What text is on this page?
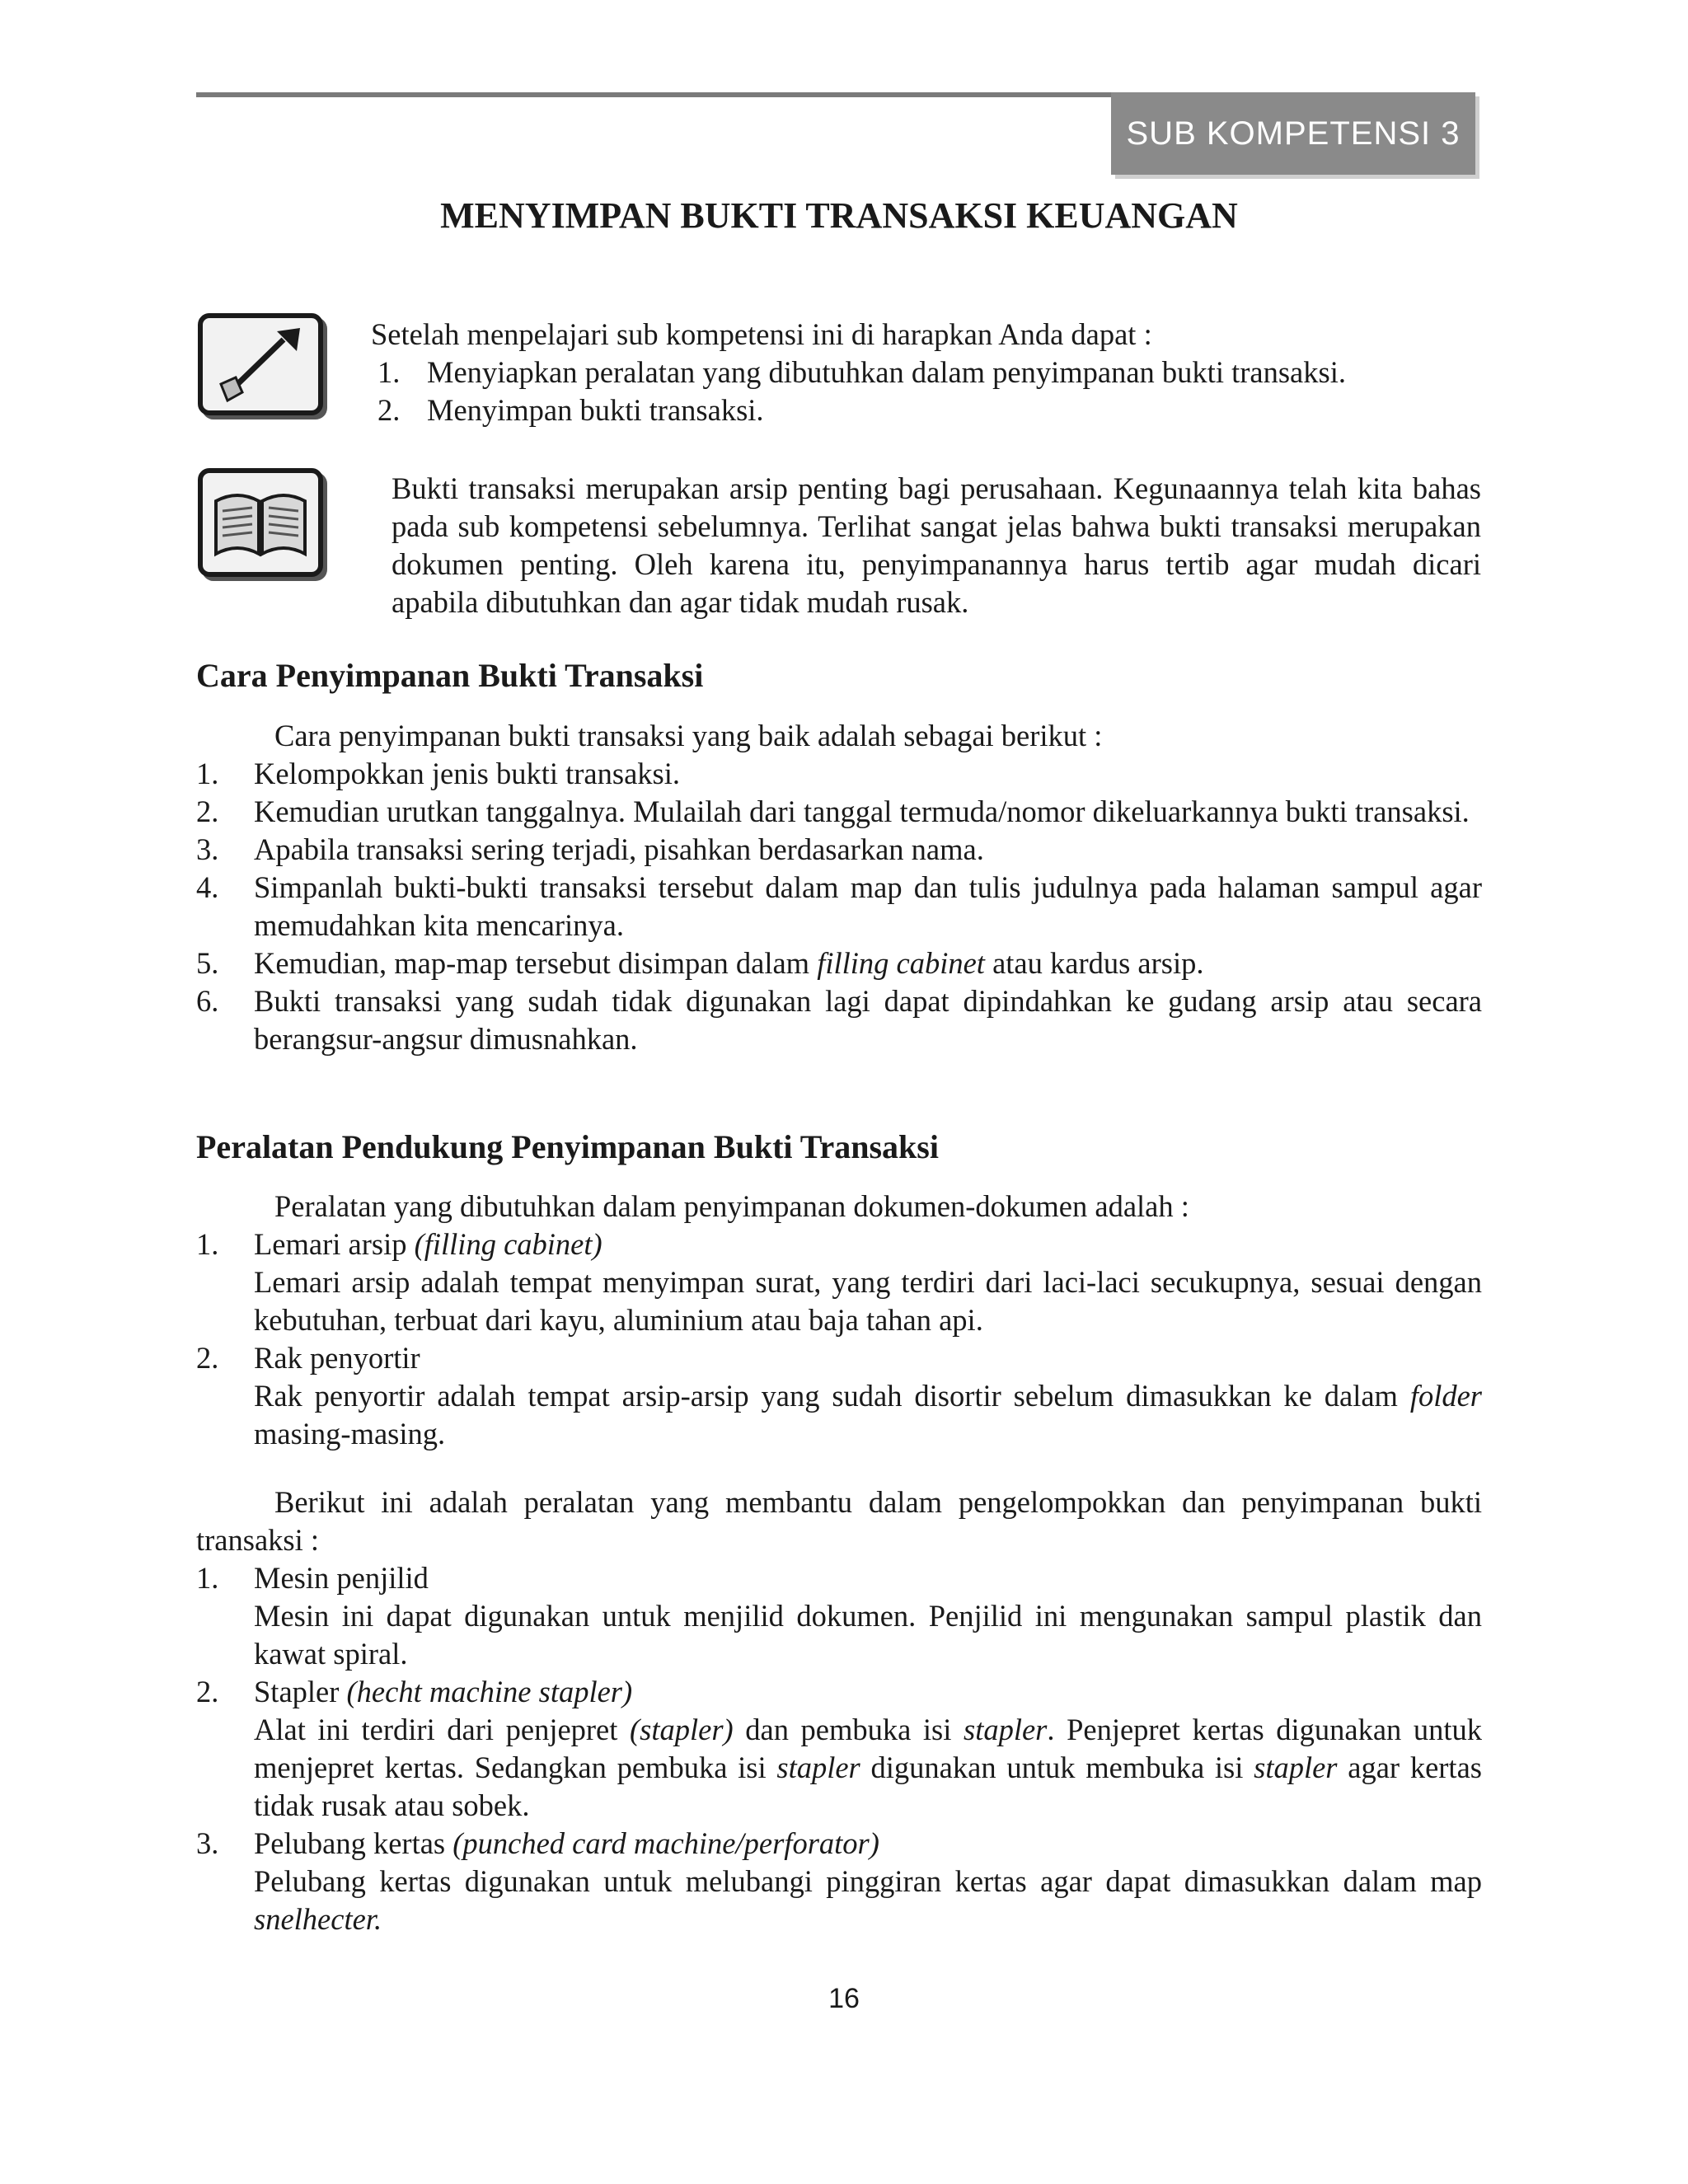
SUB KOMPETENSI 3
MENYIMPAN BUKTI TRANSAKSI KEUANGAN

Setelah menpelajari sub kompetensi ini di harapkan Anda dapat :

1. Menyiapkan peralatan yang dibutuhkan dalam penyimpanan bukti transaksi.
2. Menyimpan bukti transaksi.

Bukti transaksi merupakan arsip penting bagi perusahaan. Kegunaannya telah kita bahas pada sub kompetensi sebelumnya. Terlihat sangat jelas bahwa bukti transaksi merupakan dokumen penting. Oleh karena itu, penyimpanannya harus tertib agar mudah dicari apabila dibutuhkan dan agar tidak mudah rusak.

Cara Penyimpanan Bukti Transaksi

Cara penyimpanan bukti transaksi yang baik adalah sebagai berikut :

1. Kelompokkan jenis bukti transaksi.
2. Kemudian urutkan tanggalnya. Mulailah dari tanggal termuda/nomor dikeluarkannya bukti transaksi.
3. Apabila transaksi sering terjadi, pisahkan berdasarkan nama.
4. Simpanlah bukti-bukti transaksi tersebut dalam map dan tulis judulnya pada halaman sampul agar memudahkan kita mencarinya.
5. Kemudian, map-map tersebut disimpan dalam filling cabinet atau kardus arsip.
6. Bukti transaksi yang sudah tidak digunakan lagi dapat dipindahkan ke gudang arsip atau secara berangsur-angsur dimusnahkan.
Peralatan Pendukung Penyimpanan Bukti Transaksi

Peralatan yang dibutuhkan dalam penyimpanan dokumen-dokumen adalah :

1. Lemari arsip (filling cabinet)
Lemari arsip adalah tempat menyimpan surat, yang terdiri dari laci-laci secukupnya, sesuai dengan kebutuhan, terbuat dari kayu, aluminium atau baja tahan api.
2. Rak penyortir
Rak penyortir adalah tempat arsip-arsip yang sudah disortir sebelum dimasukkan ke dalam folder masing-masing.

Berikut ini adalah peralatan yang membantu dalam pengelompokkan dan penyimpanan bukti transaksi :

1. Mesin penjilid
Mesin ini dapat digunakan untuk menjilid dokumen. Penjilid ini mengunakan sampul plastik dan kawat spiral.
2. Stapler (hecht machine stapler)
Alat ini terdiri dari penjepret (stapler) dan pembuka isi stapler. Penjepret kertas digunakan untuk menjepret kertas. Sedangkan pembuka isi stapler digunakan untuk membuka isi stapler agar kertas tidak rusak atau sobek.
3. Pelubang kertas (punched card machine/perforator)
Pelubang kertas digunakan untuk melubangi pinggiran kertas agar dapat dimasukkan dalam map snelhecter.
16
